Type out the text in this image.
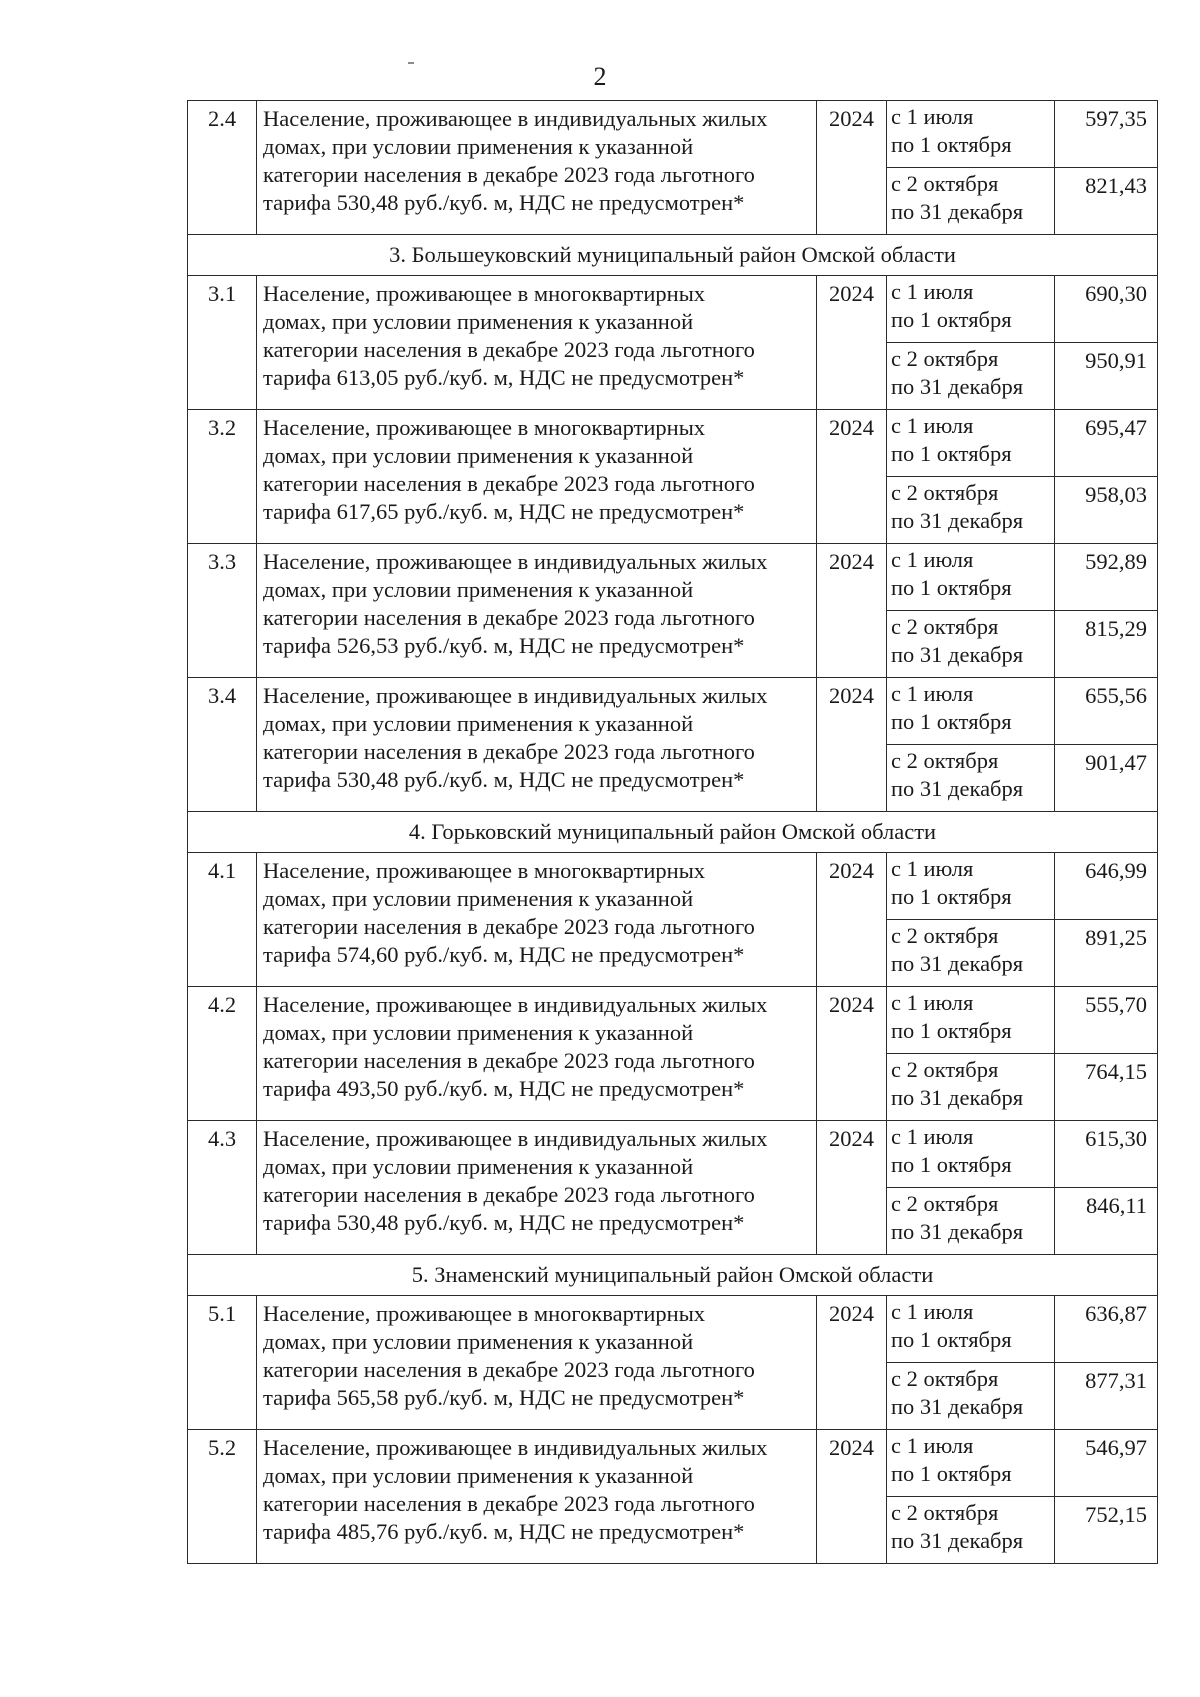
2
2.4	Население, проживающее в индивидуальных жилых
домах, при условии применения к указанной
категории населения в декабре 2023 года льготного
тарифа 530,48 руб./куб. м, НДС не предусмотрен*	2024	с 1 июля
по 1 октября	597,35

			с 2 октября
по 31 декабря	821,43
3. Большеуковский муниципальный район Омской области				
3.1	Население, проживающее в многоквартирных
домах, при условии применения к указанной
категории населения в декабре 2023 года льготного
тарифа 613,05 руб./куб. м, НДС не предусмотрен*	2024	с 1 июля
по 1 октября	690,30

			с 2 октября
по 31 декабря	950,91
3.2	Население, проживающее в многоквартирных
домах, при условии применения к указанной
категории населения в декабре 2023 года льготного
тарифа 617,65 руб./куб. м, НДС не предусмотрен*	2024	с 1 июля
по 1 октября	695,47

			с 2 октября
по 31 декабря	958,03
3.3	Население, проживающее в индивидуальных жилых
домах, при условии применения к указанной
категории населения в декабре 2023 года льготного
тарифа 526,53 руб./куб. м, НДС не предусмотрен*	2024	с 1 июля
по 1 октября	592,89

			с 2 октября
по 31 декабря	815,29
3.4	Население, проживающее в индивидуальных жилых
домах, при условии применения к указанной
категории населения в декабре 2023 года льготного
тарифа 530,48 руб./куб. м, НДС не предусмотрен*	2024	с 1 июля
по 1 октября	655,56

			с 2 октября
по 31 декабря	901,47
4. Горьковский муниципальный район Омской области				
4.1	Население, проживающее в многоквартирных
домах, при условии применения к указанной
категории населения в декабре 2023 года льготного
тарифа 574,60 руб./куб. м, НДС не предусмотрен*	2024	с 1 июля
по 1 октября	646,99

			с 2 октября
по 31 декабря	891,25
4.2	Население, проживающее в индивидуальных жилых
домах, при условии применения к указанной
категории населения в декабре 2023 года льготного
тарифа 493,50 руб./куб. м, НДС не предусмотрен*	2024	с 1 июля
по 1 октября	555,70

			с 2 октября
по 31 декабря	764,15
4.3	Население, проживающее в индивидуальных жилых
домах, при условии применения к указанной
категории населения в декабре 2023 года льготного
тарифа 530,48 руб./куб. м, НДС не предусмотрен*	2024	с 1 июля
по 1 октября	615,30

			с 2 октября
по 31 декабря	846,11
5. Знаменский муниципальный район Омской области				
5.1	Население, проживающее в многоквартирных
домах, при условии применения к указанной
категории населения в декабре 2023 года льготного
тарифа 565,58 руб./куб. м, НДС не предусмотрен*	2024	с 1 июля
по 1 октября	636,87

			с 2 октября
по 31 декабря	877,31
5.2	Население, проживающее в индивидуальных жилых
домах, при условии применения к указанной
категории населения в декабре 2023 года льготного
тарифа 485,76 руб./куб. м, НДС не предусмотрен*	2024	с 1 июля
по 1 октября	546,97

			с 2 октября
по 31 декабря	752,15
